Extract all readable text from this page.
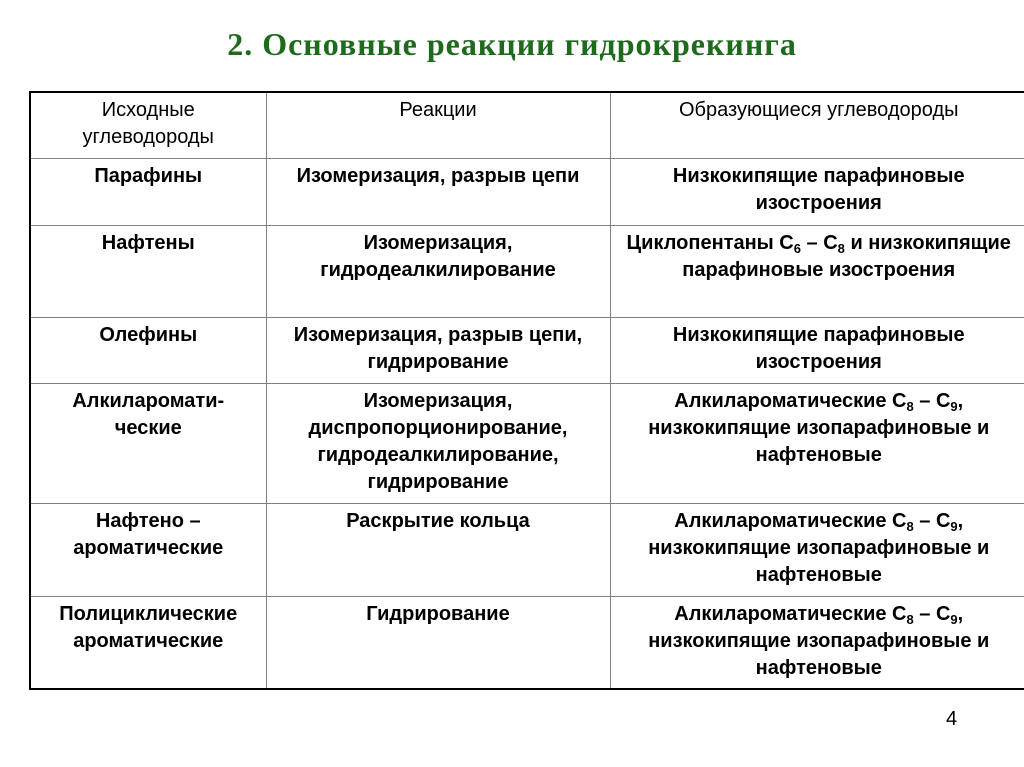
2. Основные реакции гидрокрекинга
Исходные углеводороды	Реакции	Образующиеся углеводороды
Парафины	Изомеризация, разрыв цепи	Низкокипящие парафиновые изостроения
Нафтены	Изомеризация, гидродеалкилирование	Циклопентаны $С_6 - С_8$ и низкокипящие парафиновые изостроения
Олефины	Изомеризация, разрыв цепи, гидрирование	Низкокипящие парафиновые изостроения
Алкиларомати-ческие	Изомеризация, диспропорционирование, гидродеалкилирование, гидрирование	Алкилароматические $С_8 - С_9$, низкокипящие изопарафиновые и нафтеновые
Нафтено – ароматические	Раскрытие кольца	Алкилароматические $С_8 - С_9$, низкокипящие изопарафиновые и нафтеновые
Полициклические ароматические	Гидрирование	Алкилароматические $С_8 - С_9$, низкокипящие изопарафиновые и нафтеновые
4
